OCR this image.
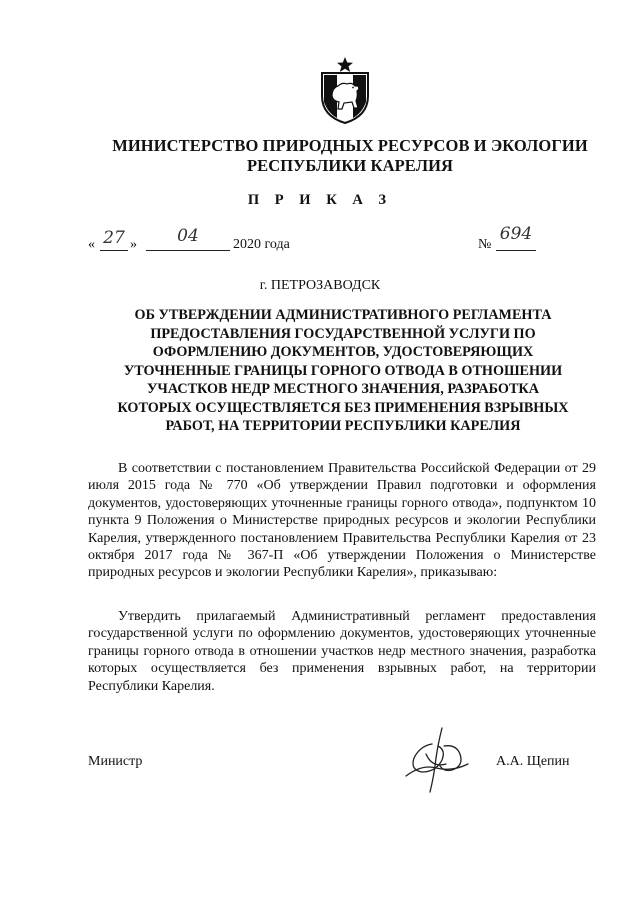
МИНИСТЕРСТВО ПРИРОДНЫХ РЕСУРСОВ И ЭКОЛОГИИ
РЕСПУБЛИКИ КАРЕЛИЯ
П Р И К А З
« 27 »	04	2020 года	№
694
г. ПЕТРОЗАВОДСК
ОБ УТВЕРЖДЕНИИ АДМИНИСТРАТИВНОГО РЕГЛАМЕНТА ПРЕДОСТАВЛЕНИЯ ГОСУДАРСТВЕННОЙ УСЛУГИ ПО ОФОРМЛЕНИЮ ДОКУМЕНТОВ, УДОСТОВЕРЯЮЩИХ УТОЧНЕННЫЕ ГРАНИЦЫ ГОРНОГО ОТВОДА В ОТНОШЕНИИ УЧАСТКОВ НЕДР МЕСТНОГО ЗНАЧЕНИЯ, РАЗРАБОТКА КОТОРЫХ ОСУЩЕСТВЛЯЕТСЯ БЕЗ ПРИМЕНЕНИЯ ВЗРЫВНЫХ РАБОТ, НА ТЕРРИТОРИИ РЕСПУБЛИКИ КАРЕЛИЯ
В соответствии с постановлением Правительства Российской Федерации от 29 июля 2015 года № 770 «Об утверждении Правил подготовки и оформления документов, удостоверяющих уточненные границы горного отвода», подпунктом 10 пункта 9 Положения о Министерстве природных ресурсов и экологии Республики Карелия, утвержденного постановлением Правительства Республики Карелия от 23 октября 2017 года № 367-П «Об утверждении Положения о Министерстве природных ресурсов и экологии Республики Карелия», приказываю:
Утвердить прилагаемый Административный регламент предоставления государственной услуги по оформлению документов, удостоверяющих уточненные границы горного отвода в отношении участков недр местного значения, разработка которых осуществляется без применения взрывных работ, на территории Республики Карелия.
Министр	А.А. Щепин
